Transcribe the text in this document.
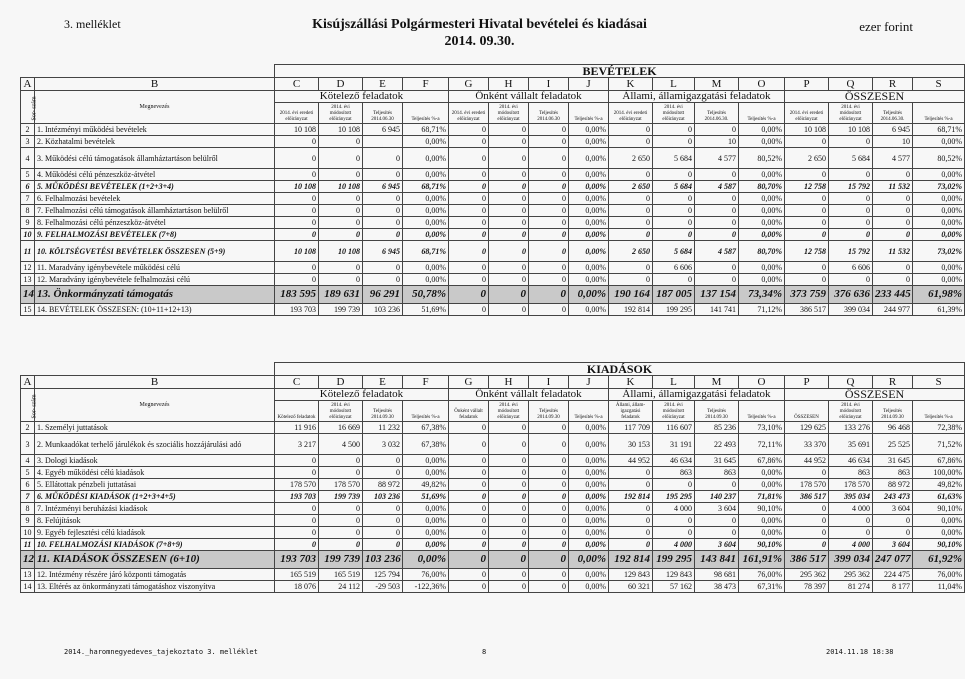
3. melléklet	Kisújszállási Polgármesteri Hivatal bevételei és kiadásai
2014. 09.30.
ezer forint
		BEVÉTELEK															
A	B	C	D	E	F	G	H	I	J	K	L	M	O	P	Q	R	S
Sor- szám	Megnevezés	Kötelező feladatok				Önként vállalt feladatok				Állami, államigazgatási feladatok				ÖSSZESEN			
		2014. évi eredeti előirányzat	2014. évi módosított előirányzat	Teljesítés 2014.06.30	Teljesítés %-a	2014. évi eredeti előirányzat	2014. évi módosított előirányzat	Teljesítés 2014.06.30	Teljesítés %-a	2014. évi eredeti előirányzat	2014. évi módosított előirányzat	Teljesítés 2014.06.30.	Teljesítés %-a	2014. évi eredeti előirányzat	2014. évi módosított előirányzat	Teljesítés 2014.06.30.	Teljesítés %-a
2	1. Intézményi működési bevételek	10 108	10 108	6 945	68,71%	0	0	0	0,00%	0	0	0	0,00%	10 108	10 108	6 945	68,71%
3	2. Közhatalmi bevételek	0	0		0,00%	0	0	0	0,00%	0	0	10	0,00%	0	0	10	0,00%
4	3. Működési célú támogatások államháztartáson belülről	0	0	0	0,00%	0	0	0	0,00%	2 650	5 684	4 577	80,52%	2 650	5 684	4 577	80,52%
5	4. Működési célú pénzeszköz-átvétel	0	0	0	0,00%	0	0	0	0,00%	0	0	0	0,00%	0	0	0	0,00%
6	5. MŰKÖDÉSI BEVÉTELEK (1+2+3+4)	10 108	10 108	6 945	68,71%	0	0	0	0,00%	2 650	5 684	4 587	80,70%	12 758	15 792	11 532	73,02%
7	6. Felhalmozási bevételek	0	0	0	0,00%	0	0	0	0,00%	0	0	0	0,00%	0	0	0	0,00%
8	7. Felhalmozási célú támogatások államháztartáson belülről	0	0	0	0,00%	0	0	0	0,00%	0	0	0	0,00%	0	0	0	0,00%
9	8. Felhalmozási célú pénzeszköz-átvétel	0	0	0	0,00%	0	0	0	0,00%	0	0	0	0,00%	0	0	0	0,00%
10	9. FELHALMOZÁSI BEVÉTELEK (7+8)	0	0	0	0,00%	0	0	0	0,00%	0	0	0	0,00%	0	0	0	0,00%
11	10. KÖLTSÉGVETÉSI BEVÉTELEK ÖSSZESEN (5+9)	10 108	10 108	6 945	68,71%	0	0	0	0,00%	2 650	5 684	4 587	80,70%	12 758	15 792	11 532	73,02%
12	11. Maradvány igénybevétele működési célú	0	0	0	0,00%	0	0	0	0,00%	0	6 606	0	0,00%	0	6 606	0	0,00%
13	12. Maradvány igénybevétele felhalmozási célú	0	0	0	0,00%	0	0	0	0,00%	0	0	0	0,00%	0	0	0	0,00%
14	13. Önkormányzati támogatás	183 595	189 631	96 291	50,78%	0	0	0	0,00%	190 164	187 005	137 154	73,34%	373 759	376 636	233 445	61,98%
15	14. BEVÉTELEK ÖSSZESEN: (10+11+12+13)	193 703	199 739	103 236	51,69%	0	0	0	0,00%	192 814	199 295	141 741	71,12%	386 517	399 034	244 977	61,39%
		KIADÁSOK															
A	B	C	D	E	F	G	H	I	J	K	L	M	O	P	Q	R	S
Sor- szám	Megnevezés	Kötelező feladatok				Önként vállalt feladatok				Állami, államigazgatási feladatok				ÖSSZESEN			
		Kötelező feladatok	2014. évi módosított előirányzat	Teljesítés 2014.09.30	Teljesítés %-a	Önként vállalt feladatok	2014. évi módosított előirányzat	Teljesítés 2014.09.30	Teljesítés %-a	Állami, állam- igazgatási feladatok	2014. évi módosított előirányzat	Teljesítés 2014.09.30	Teljesítés %-a	ÖSSZESEN	2014. évi módosított előirányzat	Teljesítés 2014.09.30	Teljesítés %-a
2	1. Személyi juttatások	11 916	16 669	11 232	67,38%	0	0	0	0,00%	117 709	116 607	85 236	73,10%	129 625	133 276	96 468	72,38%
3	2. Munkaadókat terhelő járulékok és szociális hozzájárulási adó	3 217	4 500	3 032	67,38%	0	0	0	0,00%	30 153	31 191	22 493	72,11%	33 370	35 691	25 525	71,52%
4	3. Dologi kiadások	0	0	0	0,00%	0	0	0	0,00%	44 952	46 634	31 645	67,86%	44 952	46 634	31 645	67,86%
5	4. Egyéb működési célú kiadások	0	0	0	0,00%	0	0	0	0,00%	0	863	863	0,00%	0	863	863	100,00%
6	5. Ellátottak pénzbeli juttatásai	178 570	178 570	88 972	49,82%	0	0	0	0,00%	0	0	0	0,00%	178 570	178 570	88 972	49,82%
7	6. MŰKÖDÉSI KIADÁSOK (1+2+3+4+5)	193 703	199 739	103 236	51,69%	0	0	0	0,00%	192 814	195 295	140 237	71,81%	386 517	395 034	243 473	61,63%
8	7. Intézményi beruházási kiadások	0	0	0	0,00%	0	0	0	0,00%	0	4 000	3 604	90,10%	0	4 000	3 604	90,10%
9	8. Felújítások	0	0	0	0,00%	0	0	0	0,00%	0	0	0	0,00%	0	0	0	0,00%
10	9. Egyéb fejlesztési célú kiadások	0	0	0	0,00%	0	0	0	0,00%	0	0	0	0,00%	0	0	0	0,00%
11	10. FELHALMOZÁSI KIADÁSOK (7+8+9)	0	0	0	0,00%	0	0	0	0,00%	0	4 000	3 604	90,10%	0	4 000	3 604	90,10%
12	11. KIADÁSOK ÖSSZESEN (6+10)	193 703	199 739	103 236	0,00%	0	0	0	0,00%	192 814	199 295	143 841	161,91%	386 517	399 034	247 077	61,92%
13	12. Intézmény részére járó központi támogatás	165 519	165 519	125 794	76,00%	0	0	0	0,00%	129 843	129 843	98 681	76,00%	295 362	295 362	224 475	76,00%
14	13. Eltérés az önkormányzati támogatáshoz viszonyítva	18 076	24 112	-29 503	-122,36%	0	0	0	0,00%	60 321	57 162	38 473	67,31%	78 397	81 274	8 177	11,04%
2014._haromnegyedeves_tajekoztato 3. melléklet	8	2014.11.18 18:38
